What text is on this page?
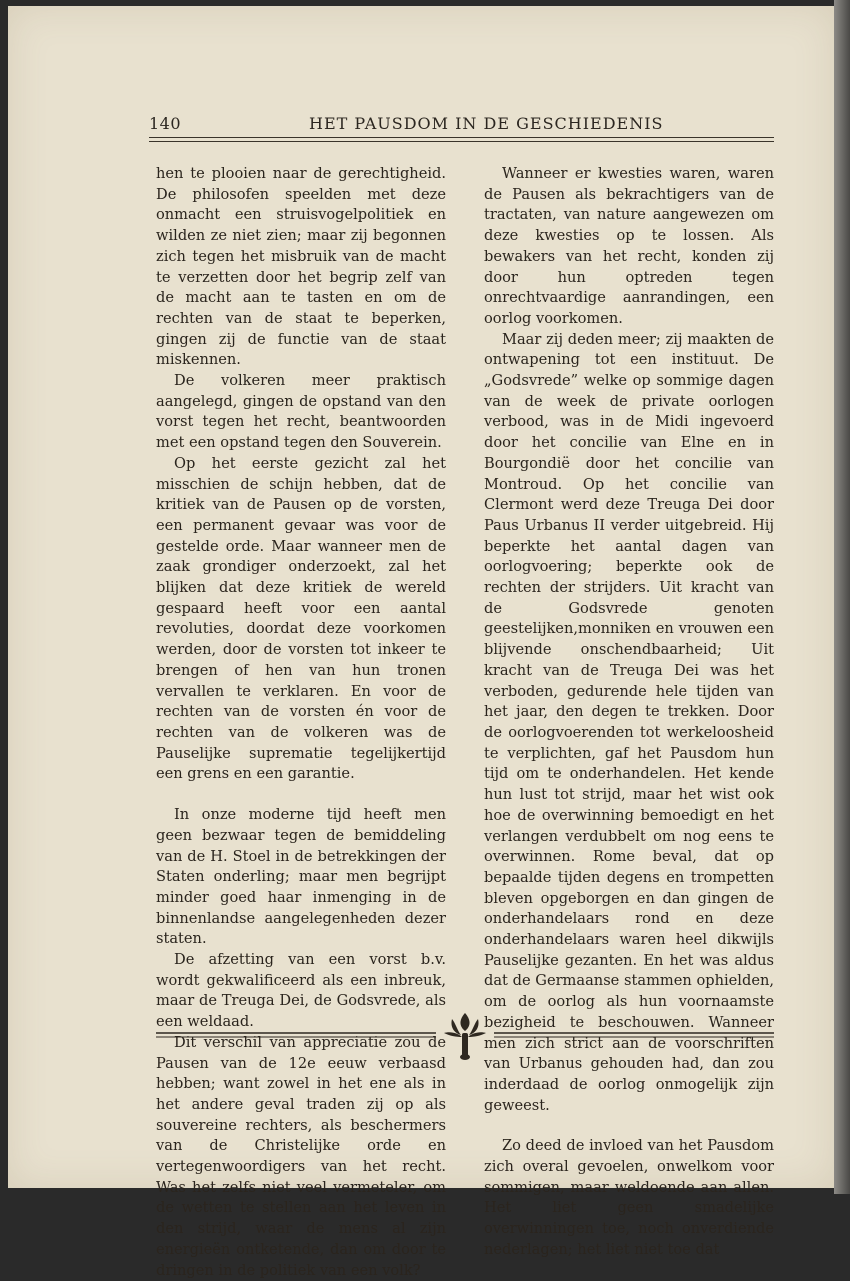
140	HET PAUSDOM IN DE GESCHIEDENIS

hen te plooien naar de gerechtigheid. De philosofen speelden met deze onmacht een struisvogelpolitiek en wilden ze niet zien; maar zij begonnen zich tegen het misbruik van de macht te verzetten door het begrip zelf van de macht aan te tasten en om de rechten van de staat te beperken, gingen zij de functie van de staat miskennen.

De volkeren meer praktisch aangelegd, gingen de opstand van den vorst tegen het recht, beantwoorden met een opstand tegen den Souverein.

Op het eerste gezicht zal het misschien de schijn hebben, dat de kritiek van de Pausen op de vorsten, een permanent gevaar was voor de gestelde orde. Maar wanneer men de zaak grondiger onderzoekt, zal het blijken dat deze kritiek de wereld gespaard heeft voor een aantal revoluties, doordat deze voorkomen werden, door de vorsten tot inkeer te brengen of hen van hun tronen vervallen te verklaren. En voor de rechten van de vorsten én voor de rechten van de volkeren was de Pauselijke suprematie tegelijkertijd een grens en een garantie.

In onze moderne tijd heeft men geen bezwaar tegen de bemiddeling van de H. Stoel in de betrekkingen der Staten onderling; maar men begrijpt minder goed haar inmenging in de binnenlandse aangelegenheden dezer staten.

De afzetting van een vorst b.v. wordt gekwalificeerd als een inbreuk, maar de Treuga Dei, de Godsvrede, als een weldaad.

Dit verschil van appreciatie zou de Pausen van de 12e eeuw verbaasd hebben; want zowel in het ene als in het andere geval traden zij op als souvereine rechters, als beschermers van de Christelijke orde en vertegenwoordigers van het recht. Was het zelfs niet veel vermeteler, om de wetten te stellen aan het leven in den strijd, waar de mens al zijn energieën ontketende, dan om door te dringen in de politiek van een volk?

Wanneer er kwesties waren, waren de Pausen als bekrachtigers van de tractaten, van nature aangewezen om deze kwesties op te lossen. Als bewakers van het recht, konden zij door hun optreden tegen onrechtvaardige aanrandingen, een oorlog voorkomen.

Maar zij deden meer; zij maakten de ontwapening tot een instituut. De „Godsvrede” welke op sommige dagen van de week de private oorlogen verbood, was in de Midi ingevoerd door het concilie van Elne en in Bourgondië door het concilie van Montroud. Op het concilie van Clermont werd deze Treuga Dei door Paus Urbanus II verder uitgebreid. Hij beperkte het aantal dagen van oorlogvoering; beperkte ook de rechten der strijders. Uit kracht van de Godsvrede genoten geestelijken,monniken en vrouwen een blijvende onschendbaarheid; Uit kracht van de Treuga Dei was het verboden, gedurende hele tijden van het jaar, den degen te trekken. Door de oorlogvoerenden tot werkeloosheid te verplichten, gaf het Pausdom hun tijd om te onderhandelen. Het kende hun lust tot strijd, maar het wist ook hoe de overwinning bemoedigt en het verlangen verdubbelt om nog eens te overwinnen. Rome beval, dat op bepaalde tijden degens en trompetten bleven opgeborgen en dan gingen de onderhandelaars rond en deze onderhandelaars waren heel dikwijls Pauselijke gezanten. En het was aldus dat de Germaanse stammen ophielden, om de oorlog als hun voornaamste bezigheid te beschouwen. Wanneer men zich strict aan de voorschriften van Urbanus gehouden had, dan zou inderdaad de oorlog onmogelijk zijn geweest.

Zo deed de invloed van het Pausdom zich overal gevoelen, onwelkom voor sommigen, maar weldoende aan allen. Het liet geen smadelijke overwinningen toe, noch onverdiende nederlagen; het liet niet toe dat
